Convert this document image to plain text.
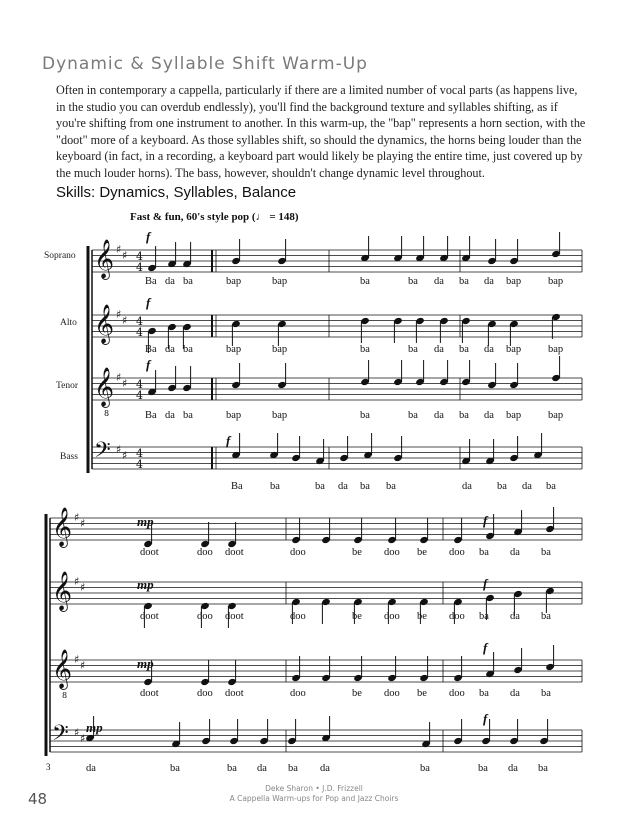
Dynamic & Syllable Shift Warm-Up
Often in contemporary a cappella, particularly if there are a limited number of vocal parts (as happens live, in the studio you can overdub endlessly), you'll find the background texture and syllables shifting, as if you're shifting from one instrument to another. In this warm-up, the "bap" represents a horn section, with the "doot" more of a keyboard. As those syllables shift, so should the dynamics, the horns being louder than the keyboard (in fact, in a recording, a keyboard part would likely be playing the entire time, just covered up by the much louder horns). The bass, however, shouldn't change dynamic level throughout.
Skills: Dynamics, Syllables, Balance
Fast & fun, 60's style pop (♩ = 148)
Soprano
Alto
Tenor
Bass
f
f
f
f
mp
mp
mp
mp
f
f
f
f
3
Ba da ba	bap	bap	ba	ba da ba da bap	bap
Ba da ba	bap	bap	ba	ba da ba da bap	bap
Ba da ba	bap	bap	ba	ba da ba da bap	bap
Ba	ba	ba da ba ba	da ba da ba
doot	doo doot	doo	be doo be doo ba da ba
doot	doo doot	doo	be doo be doo ba da ba
doot	doo doot	doo	be doo be doo ba da ba
da	ba	ba da ba da	ba	ba da ba
𝄞 ♯ ♯ 4
4
𝄞 ♯ ♯ 4
4
𝄞
8
♯ ♯ 4
4
𝄢 ♯ ♯ 4
4
𝄞 ♯ ♯
𝄞 ♯ ♯
𝄞
8
♯ ♯
𝄢 ♯ ♯
48
Deke Sharon • J.D. Frizzell
A Cappella Warm-ups for Pop and Jazz Choirs
